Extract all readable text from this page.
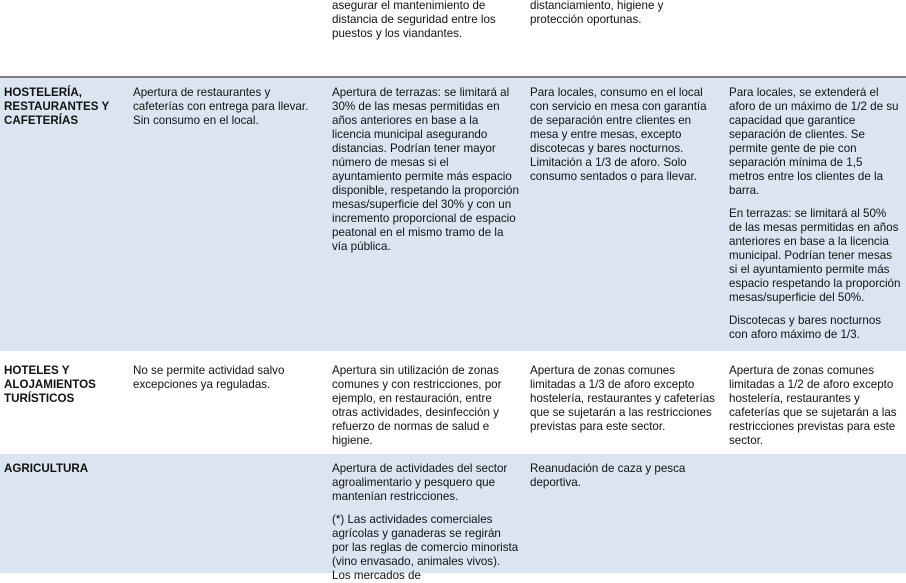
asegurar el mantenimiento de distancia de seguridad entre los puestos y los viandantes.

distanciamiento, higiene y protección oportunas.

HOSTELERÍA, RESTAURANTES Y CAFETERÍAS

Apertura de restaurantes y cafeterías con entrega para llevar. Sin consumo en el local.

Apertura de terrazas: se limitará al 30% de las mesas permitidas en años anteriores en base a la licencia municipal asegurando distancias. Podrían tener mayor número de mesas si el ayuntamiento permite más espacio disponible, respetando la proporción mesas/superficie del 30% y con un incremento proporcional de espacio peatonal en el mismo tramo de la vía pública.

Para locales, consumo en el local con servicio en mesa con garantía de separación entre clientes en mesa y entre mesas, excepto discotecas y bares nocturnos. Limitación a 1/3 de aforo. Solo consumo sentados o para llevar.

Para locales, se extenderá el aforo de un máximo de 1/2 de su capacidad que garantice separación de clientes. Se permite gente de pie con separación mínima de 1,5 metros entre los clientes de la barra.

En terrazas: se limitará al 50% de las mesas permitidas en años anteriores en base a la licencia municipal. Podrían tener mesas si el ayuntamiento permite más espacio respetando la proporción mesas/superficie del 50%.

Discotecas y bares nocturnos con aforo máximo de 1/3.

HOTELES Y ALOJAMIENTOS TURÍSTICOS

No se permite actividad salvo excepciones ya reguladas.

Apertura sin utilización de zonas comunes y con restricciones, por ejemplo, en restauración, entre otras actividades, desinfección y refuerzo de normas de salud e higiene.

Apertura de zonas comunes limitadas a 1/3 de aforo excepto hostelería, restaurantes y cafeterías que se sujetarán a las restricciones previstas para este sector.

Apertura de zonas comunes limitadas a 1/2 de aforo excepto hostelería, restaurantes y cafeterías que se sujetarán a las restricciones previstas para este sector.

AGRICULTURA	Apertura de actividades del sector agroalimentario y pesquero que mantenían restricciones.

(*) Las actividades comerciales agrícolas y ganaderas se regirán por las reglas de comercio minorista (vino envasado, animales vivos). Los mercados de

Reanudación de caza y pesca deportiva.
